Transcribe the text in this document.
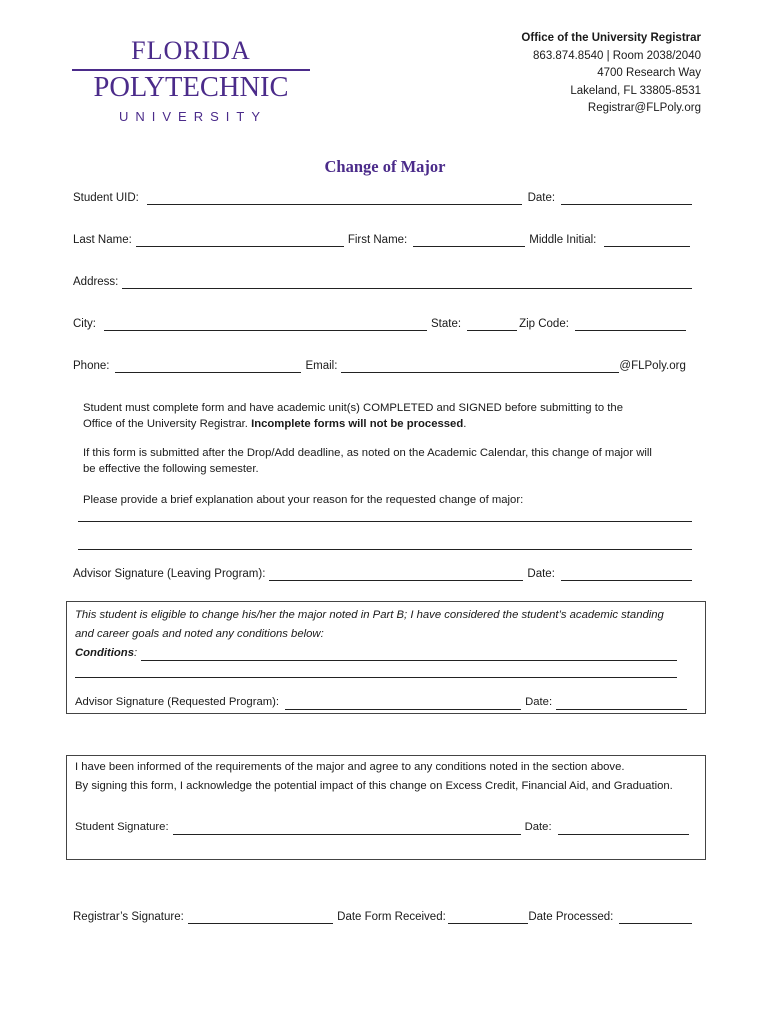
FLORIDA
POLYTECHNIC
UNIVERSITY
Office of the University Registrar
863.874.8540 | Room 2038/2040
4700 Research Way
Lakeland, FL 33805-8531
Registrar@FLPoly.org
Change of Major
Student UID:	Date:
Last Name:	First Name:	Middle Initial:
Address:
City:	State:	Zip Code:
Phone:	Email:	@FLPoly.org
Student must complete form and have academic unit(s) COMPLETED and SIGNED before submitting to the
Office of the University Registrar. Incomplete forms will not be processed.
If this form is submitted after the Drop/Add deadline, as noted on the Academic Calendar, this change of major will
be effective the following semester.
Please provide a brief explanation about your reason for the requested change of major:
Advisor Signature (Leaving Program):	Date:
This student is eligible to change his/her the major noted in Part B; I have considered the student’s academic standing
and career goals and noted any conditions below:
Conditions :
Advisor Signature (Requested Program):	Date:
I have been informed of the requirements of the major and agree to any conditions noted in the section above.
By signing this form, I acknowledge the potential impact of this change on Excess Credit, Financial Aid, and Graduation.
Student Signature:	Date:
Registrar’s Signature:	Date Form Received:	Date Processed:
